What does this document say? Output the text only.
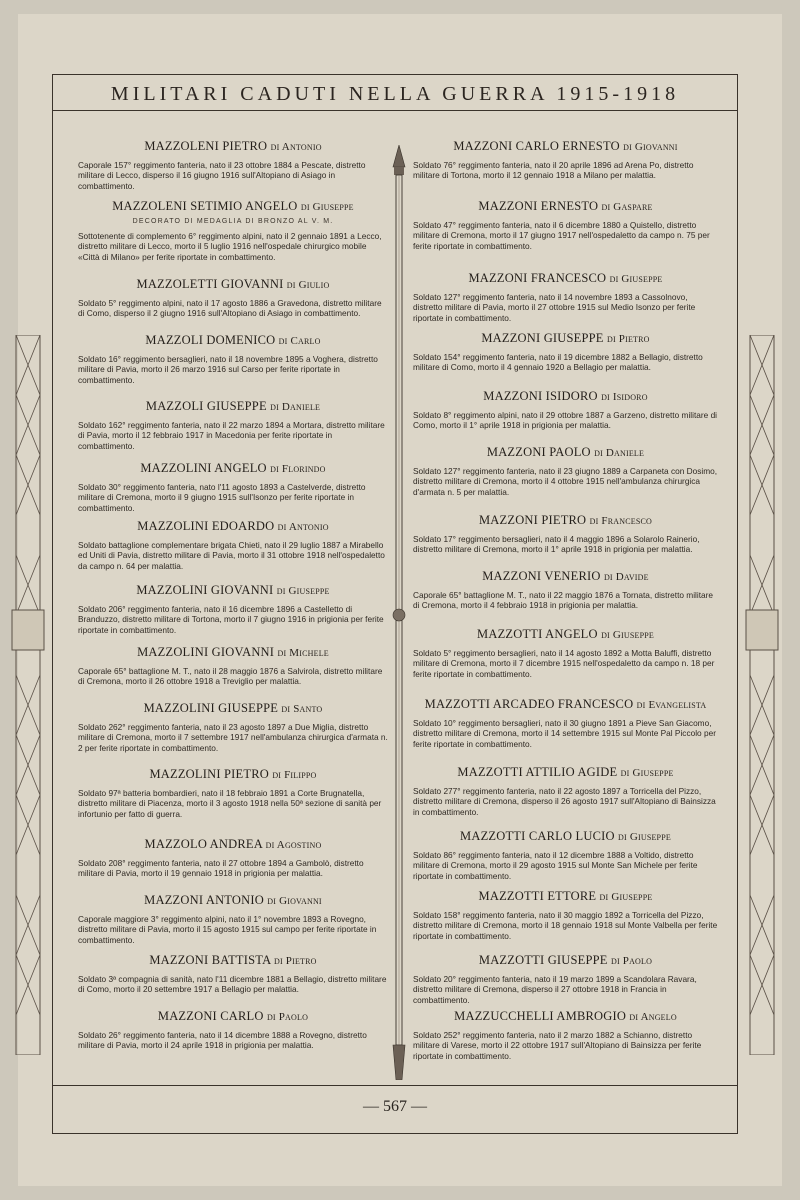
MILITARI CADUTI NELLA GUERRA 1915-1918
MAZZOLENI PIETRO di Antonio

Caporale 157° reggimento fanteria, nato il 23 ottobre 1884 a Pescate, distretto militare di Lecco, disperso il 16 giugno 1916 sull'Altopiano di Asiago in combattimento.

MAZZOLENI SETIMIO ANGELO di Giuseppe
DECORATO DI MEDAGLIA DI BRONZO AL V. M.

Sottotenente di complemento 6° reggimento alpini, nato il 2 gennaio 1891 a Lecco, distretto militare di Lecco, morto il 5 luglio 1916 nell'ospedale chirurgico mobile «Città di Milano» per ferite riportate in combattimento.

MAZZOLETTI GIOVANNI di Giulio

Soldato 5° reggimento alpini, nato il 17 agosto 1886 a Gravedona, distretto militare di Como, disperso il 2 giugno 1916 sull'Altopiano di Asiago in combattimento.

MAZZOLI DOMENICO di Carlo

Soldato 16° reggimento bersaglieri, nato il 18 novembre 1895 a Voghera, distretto militare di Pavia, morto il 26 marzo 1916 sul Carso per ferite riportate in combattimento.

MAZZOLI GIUSEPPE di Daniele

Soldato 162° reggimento fanteria, nato il 22 marzo 1894 a Mortara, distretto militare di Pavia, morto il 12 febbraio 1917 in Macedonia per ferite riportate in combattimento.

MAZZOLINI ANGELO di Florindo

Soldato 30° reggimento fanteria, nato l'11 agosto 1893 a Castelverde, distretto militare di Cremona, morto il 9 giugno 1915 sull'Isonzo per ferite riportate in combattimento.

MAZZOLINI EDOARDO di Antonio

Soldato battaglione complementare brigata Chieti, nato il 29 luglio 1887 a Mirabello ed Uniti di Pavia, distretto militare di Pavia, morto il 31 ottobre 1918 nell'ospedaletto da campo n. 64 per malattia.

MAZZOLINI GIOVANNI di Giuseppe

Soldato 206° reggimento fanteria, nato il 16 dicembre 1896 a Castelletto di Branduzzo, distretto militare di Tortona, morto il 7 giugno 1916 in prigionia per ferite riportate in combattimento.

MAZZOLINI GIOVANNI di Michele

Caporale 65° battaglione M. T., nato il 28 maggio 1876 a Salvirola, distretto militare di Cremona, morto il 26 ottobre 1918 a Treviglio per malattia.

MAZZOLINI GIUSEPPE di Santo

Soldato 262° reggimento fanteria, nato il 23 agosto 1897 a Due Miglia, distretto militare di Cremona, morto il 7 settembre 1917 nell'ambulanza chirurgica d'armata n. 2 per ferite riportate in combattimento.

MAZZOLINI PIETRO di Filippo

Soldato 97ª batteria bombardieri, nato il 18 febbraio 1891 a Corte Brugnatella, distretto militare di Piacenza, morto il 3 agosto 1918 nella 50ª sezione di sanità per infortunio per fatto di guerra.

MAZZOLO ANDREA di Agostino

Soldato 208° reggimento fanteria, nato il 27 ottobre 1894 a Gambolò, distretto militare di Pavia, morto il 19 gennaio 1918 in prigionia per malattia.

MAZZONI ANTONIO di Giovanni

Caporale maggiore 3° reggimento alpini, nato il 1° novembre 1893 a Rovegno, distretto militare di Pavia, morto il 15 agosto 1915 sul campo per ferite riportate in combattimento.

MAZZONI BATTISTA di Pietro

Soldato 3ª compagnia di sanità, nato l'11 dicembre 1881 a Bellagio, distretto militare di Como, morto il 20 settembre 1917 a Bellagio per malattia.

MAZZONI CARLO di Paolo

Soldato 26° reggimento fanteria, nato il 14 dicembre 1888 a Rovegno, distretto militare di Pavia, morto il 24 aprile 1918 in prigionia per malattia.

MAZZONI CARLO ERNESTO di Giovanni

Soldato 76° reggimento fanteria, nato il 20 aprile 1896 ad Arena Po, distretto militare di Tortona, morto il 12 gennaio 1918 a Milano per malattia.

MAZZONI ERNESTO di Gaspare

Soldato 47° reggimento fanteria, nato il 6 dicembre 1880 a Quistello, distretto militare di Cremona, morto il 17 giugno 1917 nell'ospedaletto da campo n. 75 per ferite riportate in combattimento.

MAZZONI FRANCESCO di Giuseppe

Soldato 127° reggimento fanteria, nato il 14 novembre 1893 a Cassolnovo, distretto militare di Pavia, morto il 27 ottobre 1915 sul Medio Isonzo per ferite riportate in combattimento.

MAZZONI GIUSEPPE di Pietro

Soldato 154° reggimento fanteria, nato il 19 dicembre 1882 a Bellagio, distretto militare di Como, morto il 4 gennaio 1920 a Bellagio per malattia.

MAZZONI ISIDORO di Isidoro

Soldato 8° reggimento alpini, nato il 29 ottobre 1887 a Garzeno, distretto militare di Como, morto il 1° aprile 1918 in prigionia per malattia.

MAZZONI PAOLO di Daniele

Soldato 127° reggimento fanteria, nato il 23 giugno 1889 a Carpaneta con Dosimo, distretto militare di Cremona, morto il 4 ottobre 1915 nell'ambulanza chirurgica d'armata n. 5 per malattia.

MAZZONI PIETRO di Francesco

Soldato 17° reggimento bersaglieri, nato il 4 maggio 1896 a Solarolo Rainerio, distretto militare di Cremona, morto il 1° aprile 1918 in prigionia per malattia.

MAZZONI VENERIO di Davide

Caporale 65° battaglione M. T., nato il 22 maggio 1876 a Tornata, distretto militare di Cremona, morto il 4 febbraio 1918 in prigionia per malattia.

MAZZOTTI ANGELO di Giuseppe

Soldato 5° reggimento bersaglieri, nato il 14 agosto 1892 a Motta Baluffi, distretto militare di Cremona, morto il 7 dicembre 1915 nell'ospedaletto da campo n. 18 per ferite riportate in combattimento.

MAZZOTTI ARCADEO FRANCESCO di Evangelista

Soldato 10° reggimento bersaglieri, nato il 30 giugno 1891 a Pieve San Giacomo, distretto militare di Cremona, morto il 14 settembre 1915 sul Monte Pal Piccolo per ferite riportate in combattimento.

MAZZOTTI ATTILIO AGIDE di Giuseppe

Soldato 277° reggimento fanteria, nato il 22 agosto 1897 a Torricella del Pizzo, distretto militare di Cremona, disperso il 26 agosto 1917 sull'Altopiano di Bainsizza in combattimento.

MAZZOTTI CARLO LUCIO di Giuseppe

Soldato 86° reggimento fanteria, nato il 12 dicembre 1888 a Voltido, distretto militare di Cremona, morto il 29 agosto 1915 sul Monte San Michele per ferite riportate in combattimento.

MAZZOTTI ETTORE di Giuseppe

Soldato 158° reggimento fanteria, nato il 30 maggio 1892 a Torricella del Pizzo, distretto militare di Cremona, morto il 18 gennaio 1918 sul Monte Valbella per ferite riportate in combattimento.

MAZZOTTI GIUSEPPE di Paolo

Soldato 20° reggimento fanteria, nato il 19 marzo 1899 a Scandolara Ravara, distretto militare di Cremona, disperso il 27 ottobre 1918 in Francia in combattimento.

MAZZUCCHELLI AMBROGIO di Angelo

Soldato 252° reggimento fanteria, nato il 2 marzo 1882 a Schianno, distretto militare di Varese, morto il 22 ottobre 1917 sull'Altopiano di Bainsizza per ferite riportate in combattimento.

— 567 —
